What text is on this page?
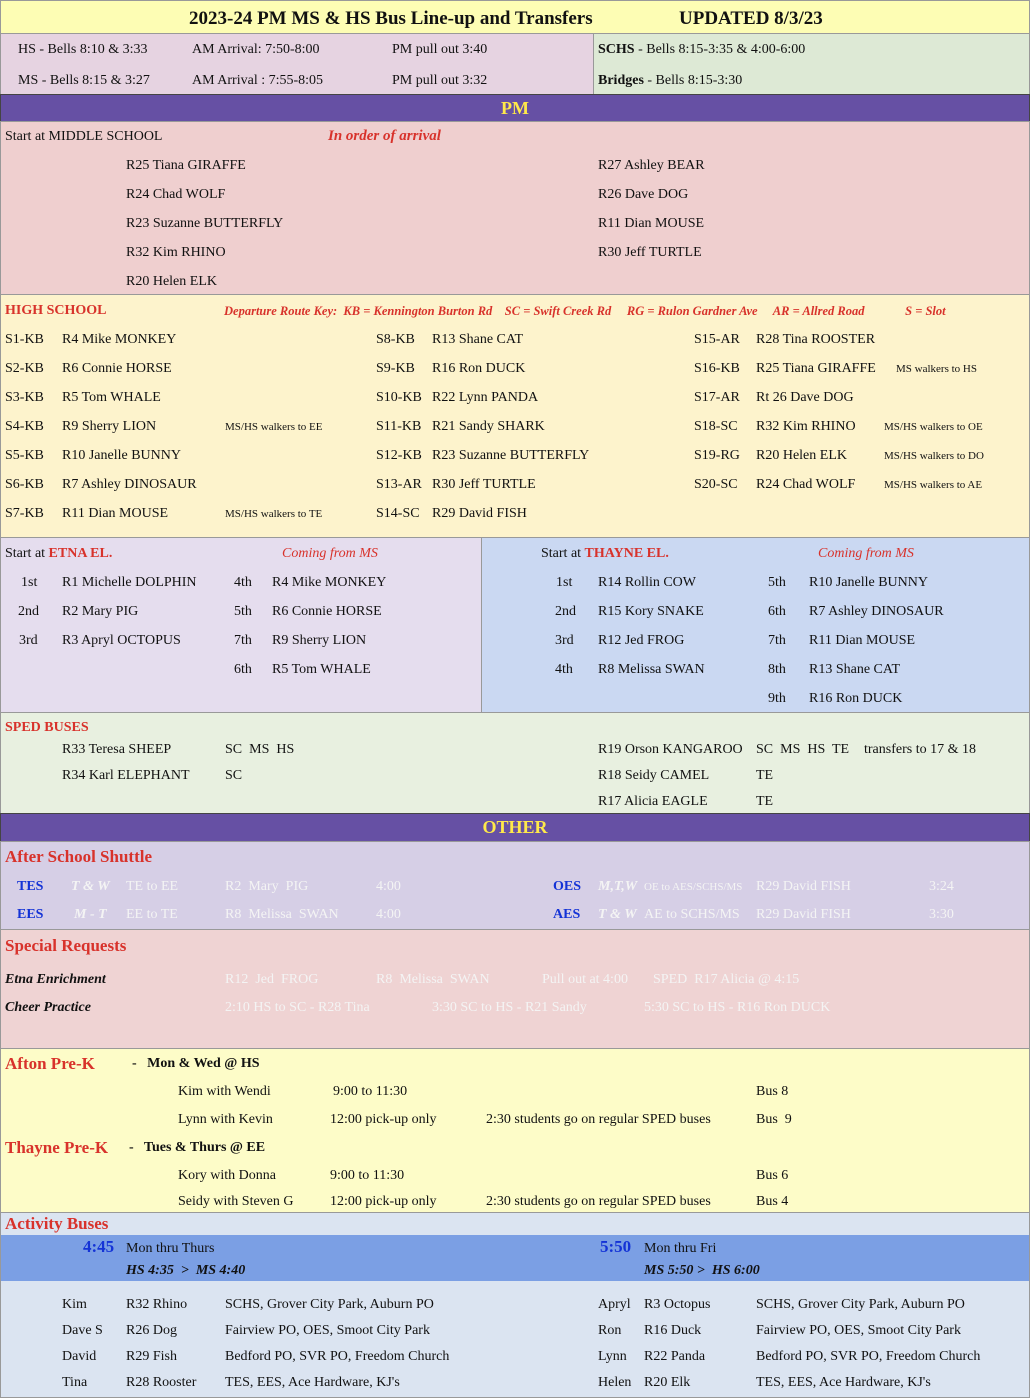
2023-24 PM MS & HS Bus Line-up and Transfers	UPDATED 8/3/23
HS - Bells 8:10 & 3:33	AM Arrival: 7:50-8:00	PM pull out 3:40
MS - Bells 8:15 & 3:27	AM Arrival : 7:55-8:05	PM pull out 3:32
SCHS - Bells 8:15-3:35 & 4:00-6:00
Bridges - Bells 8:15-3:30
PM
Start at MIDDLE SCHOOL	In order of arrival
R25 Tiana GIRAFFE
R24 Chad WOLF
R23 Suzanne BUTTERFLY
R32 Kim RHINO
R20 Helen ELK
R27 Ashley BEAR
R26 Dave DOG
R11 Dian MOUSE
R30 Jeff TURTLE
HIGH SCHOOL	Departure Route Key:  KB = Kennington Burton Rd    SC = Swift Creek Rd     RG = Rulon Gardner Ave     AR = Allred Road             S = Slot
S1-KB R4 Mike MONKEY
S2-KB R6 Connie HORSE
S3-KB R5 Tom WHALE
S4-KB R9 Sherry LION	MS/HS walkers to EE
S5-KB R10 Janelle BUNNY
S6-KB R7 Ashley DINOSAUR
S7-KB R11 Dian MOUSE	MS/HS walkers to TE
S8-KB R13 Shane CAT
S9-KB R16 Ron DUCK
S10-KB R22 Lynn PANDA
S11-KB R21 Sandy SHARK
S12-KB R23 Suzanne BUTTERFLY
S13-AR R30 Jeff TURTLE
S14-SC R29 David FISH
S15-AR R28 Tina ROOSTER
S16-KB R25 Tiana GIRAFFE MS walkers to HS
S17-AR Rt 26 Dave DOG
S18-SC R32 Kim RHINO	MS/HS walkers to OE
S19-RG R20 Helen ELK	MS/HS walkers to DO
S20-SC R24 Chad WOLF	MS/HS walkers to AE
Start at ETNA EL.	Coming from MS
1st R1 Michelle DOLPHIN
2nd R2 Mary PIG
3rd R3 Apryl OCTOPUS
4th R4 Mike MONKEY
5th R6 Connie HORSE
7th R9 Sherry LION
6th R5 Tom WHALE
Start at THAYNE EL.	Coming from MS
1st R14 Rollin COW
2nd R15 Kory SNAKE
3rd R12 Jed FROG
4th R8 Melissa SWAN
5th R10 Janelle BUNNY
6th R7 Ashley DINOSAUR
7th R11 Dian MOUSE
8th R13 Shane CAT
9th R16 Ron DUCK
SPED BUSES
R33 Teresa SHEEP	SC  MS  HS
R34 Karl ELEPHANT	SC
R19 Orson KANGAROO SC  MS  HS  TE transfers to 17 & 18
R18 Seidy CAMEL	TE
R17 Alicia EAGLE	TE
OTHER
After School Shuttle
TES T & W TE to EE	R2  Mary  PIG	4:00	OES M,T,W OE to AES/SCHS/MS R29 David FISH	3:24
EES M - T EE to TE	R8  Melissa  SWAN	4:00	AES T & W AE to SCHS/MS R29 David FISH	3:30
Special Requests
Etna Enrichment	R12  Jed  FROG	R8  Melissa  SWAN	Pull out at 4:00 SPED  R17 Alicia @ 4:15
Cheer Practice	2:10 HS to SC - R28 Tina	3:30 SC to HS - R21 Sandy	5:30 SC to HS - R16 Ron DUCK
Afton Pre-K	-   Mon & Wed @ HS
Kim with Wendi	9:00 to 11:30	Bus 8
Lynn with Kevin	12:00 pick-up only	2:30 students go on regular SPED buses	Bus  9
Thayne Pre-K -   Tues & Thurs @ EE
Kory with Donna	9:00 to 11:30	Bus 6
Seidy with Steven G	12:00 pick-up only	2:30 students go on regular SPED buses	Bus 4
Activity Buses
4:45 Mon thru Thurs
HS 4:35  >  MS 4:40
5:50 Mon thru Fri
MS 5:50 >  HS 6:00
Kim	R32 Rhino	SCHS, Grover City Park, Auburn PO
Dave S R26 Dog	Fairview PO, OES, Smoot City Park
David R29 Fish	Bedford PO, SVR PO, Freedom Church
Tina	R28 Rooster TES, EES, Ace Hardware, KJ's
Apryl R3 Octopus	SCHS, Grover City Park, Auburn PO
Ron R16 Duck	Fairview PO, OES, Smoot City Park
Lynn R22 Panda	Bedford PO, SVR PO, Freedom Church
Helen R20 Elk	TES, EES, Ace Hardware, KJ's
